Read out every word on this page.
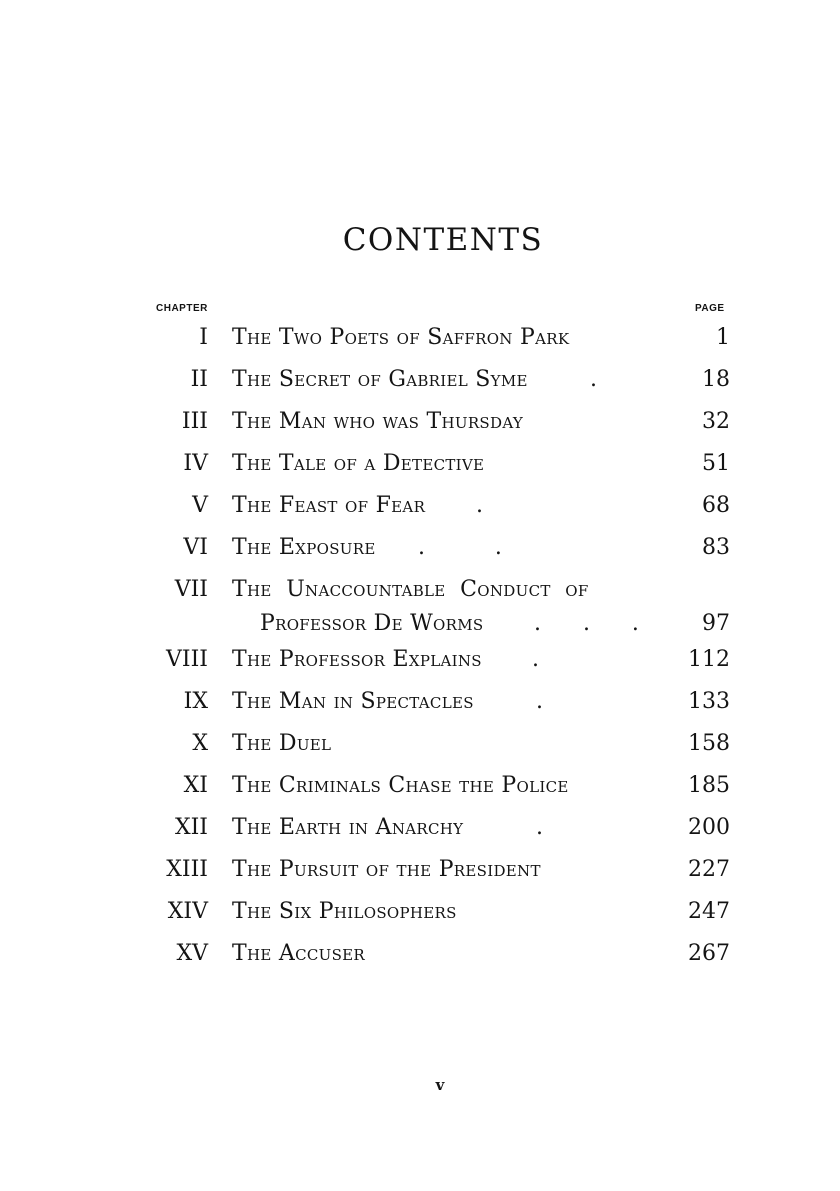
CONTENTS
CHAPTER	PAGE
I The Two Poets of Saffron Park	1
II The Secret of Gabriel Syme	.	18
III The Man who was Thursday	32
IV The Tale of a Detective	51
V The Feast of Fear .	68
VI The Exposure .          .	83
VII The  Unaccountable  Conduct  of
Professor De Worms .      .      .	97
VIII The Professor Explains .	112
IX The Man in Spectacles	.	133
X The Duel	158
XI The Criminals Chase the Police	185
XII The Earth in Anarchy	.	200
XIII The Pursuit of the President	227
XIV The Six Philosophers	247
XV The Accuser	267
v
